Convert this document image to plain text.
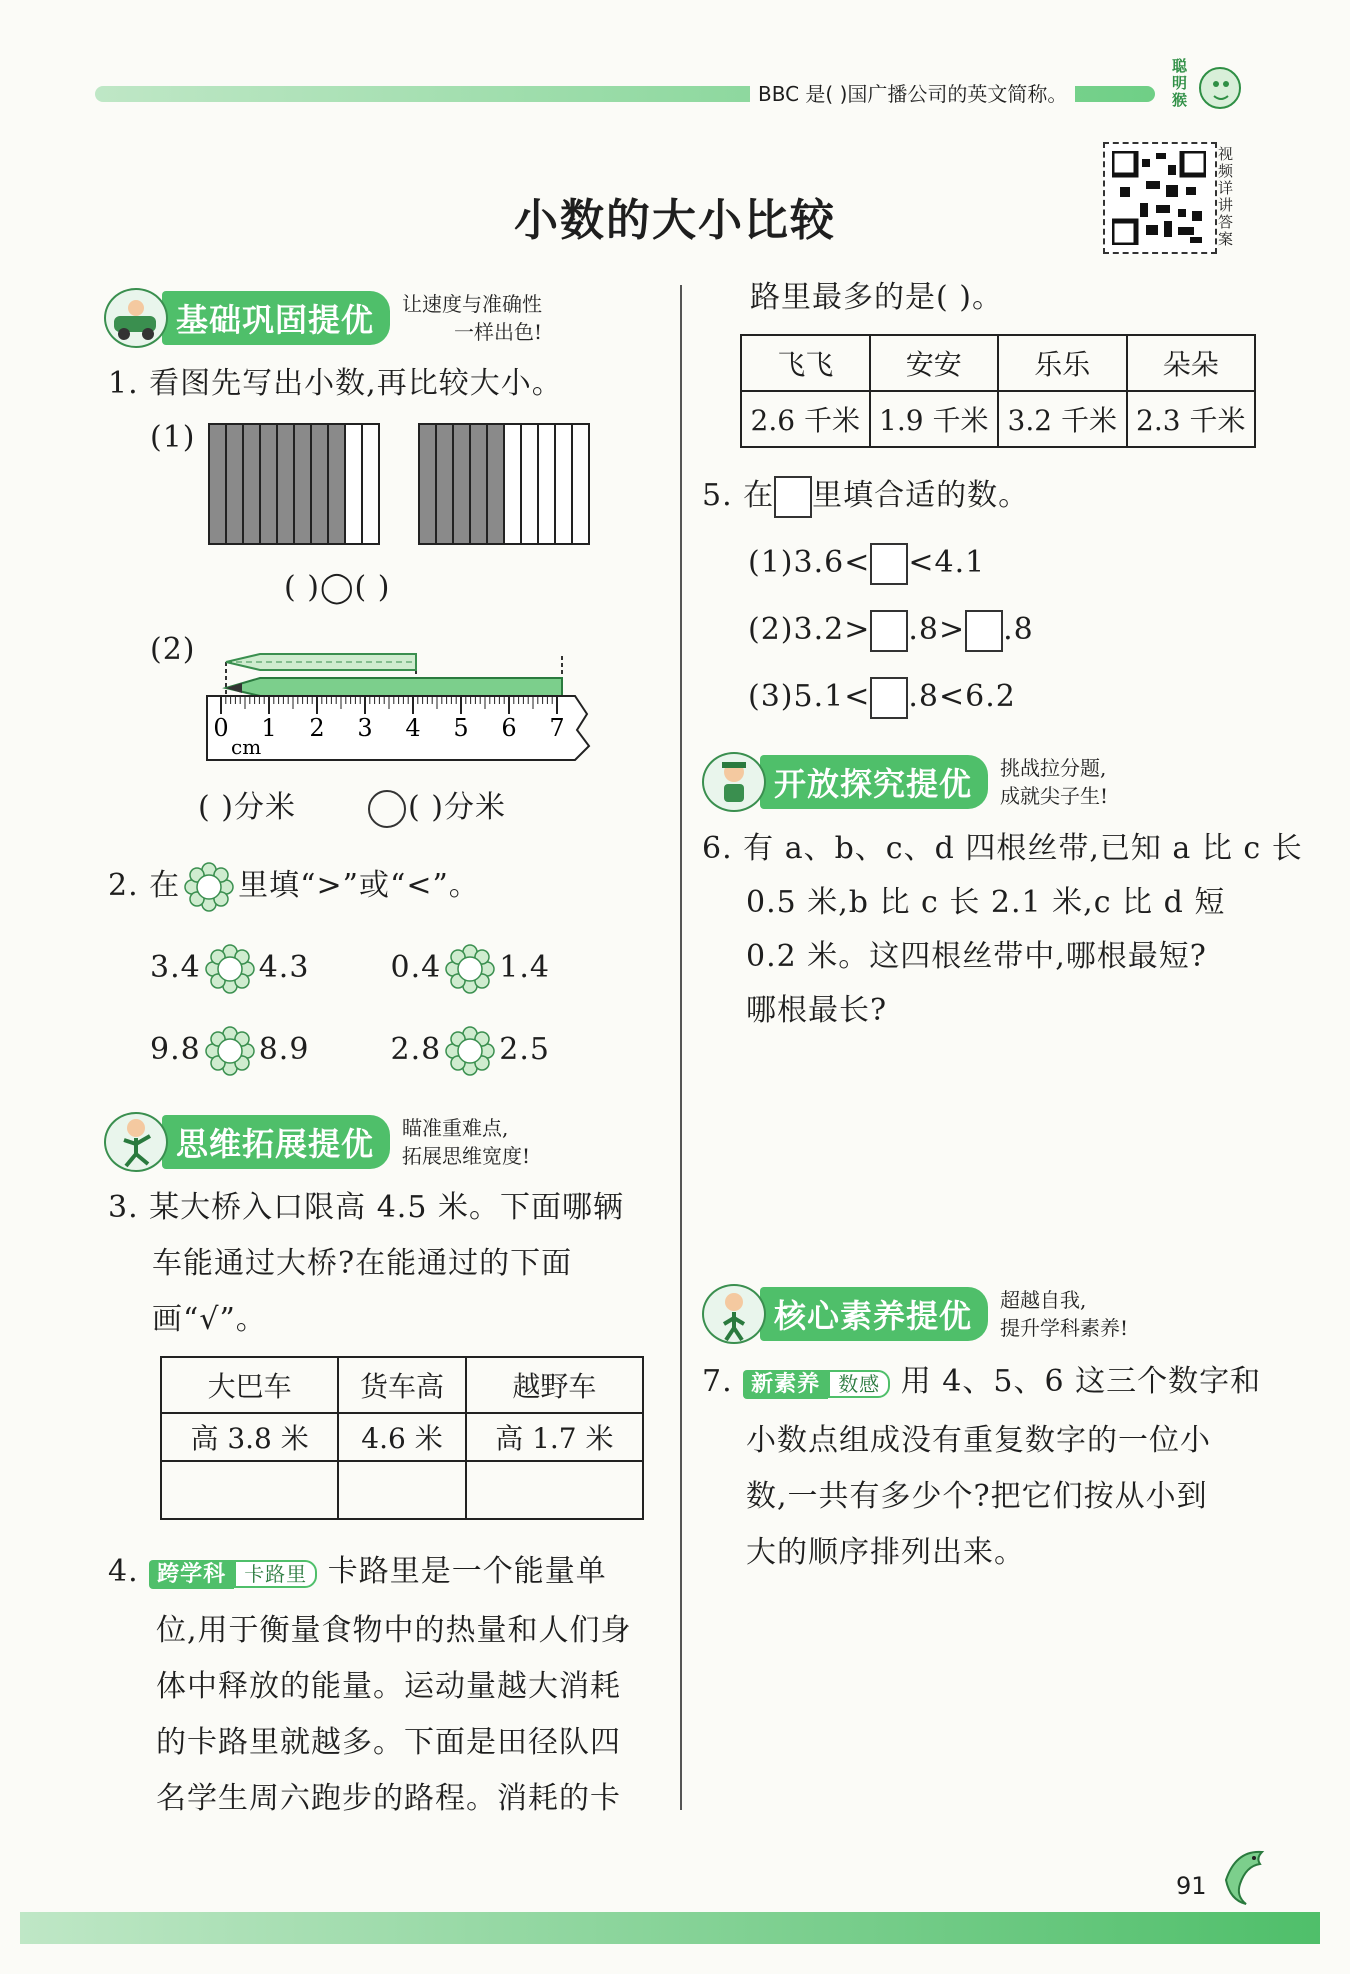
BBC 是( )国广播公司的英文简称。
聪明猴
视频详讲答案
小数的大小比较
基础巩固提优	让速度与准确性
一样出色!
1. 看图先写出小数,再比较大小。
(1)
( )◯( )
(2)
0 1 2 3 4 5 6 7
cm
( )分米	( )分米
2. 在 里填“>”或“<”。
3.4 4.3	0.4 1.4
9.8 8.9	2.8 2.5
思维拓展提优	瞄准重难点,
拓展思维宽度!
3. 某大桥入口限高 4.5 米。下面哪辆
车能通过大桥?在能通过的下面
画“√”。
大巴车	货车高	越野车
高 3.8 米	4.6 米	高 1.7 米

4. 跨学科 卡路里 卡路里是一个能量单
位,用于衡量食物中的热量和人们身
体中释放的能量。运动量越大消耗
的卡路里就越多。下面是田径队四
名学生周六跑步的路程。消耗的卡
路里最多的是( )。
飞飞	安安	乐乐	朵朵
2.6 千米	1.9 千米	3.2 千米	2.3 千米
5. 在 里填合适的数。
(1)3.6< <4.1
(2)3.2> .8> .8
(3)5.1< .8<6.2
开放探究提优	挑战拉分题,
成就尖子生!
6. 有 a、b、c、d 四根丝带,已知 a 比 c 长
0.5 米,b 比 c 长 2.1 米,c 比 d 短
0.2 米。这四根丝带中,哪根最短?
哪根最长?
核心素养提优	超越自我,
提升学科素养!
7. 新素养 数感 用 4、5、6 这三个数字和
小数点组成没有重复数字的一位小
数,一共有多少个?把它们按从小到
大的顺序排列出来。
91
